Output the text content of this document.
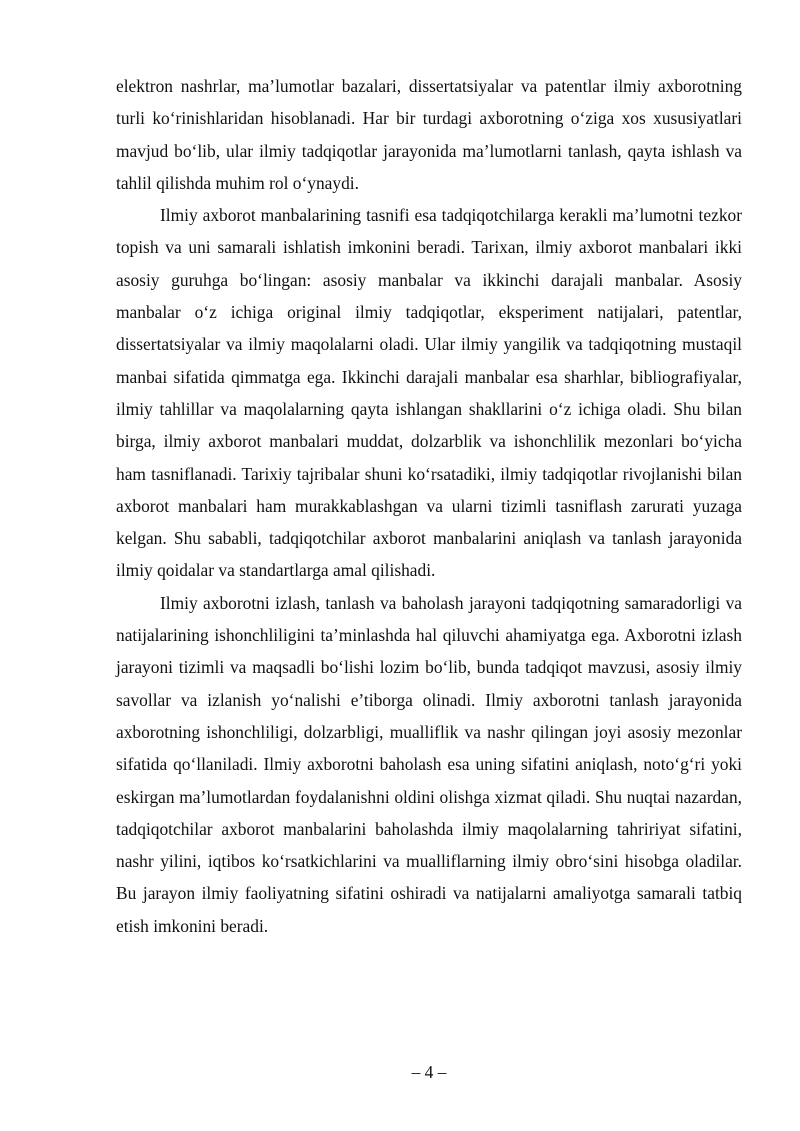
elektron nashrlar, ma’lumotlar bazalari, dissertatsiyalar va patentlar ilmiy axborotning turli koʻrinishlaridan hisoblanadi. Har bir turdagi axborotning oʻziga xos xususiyatlari mavjud boʻlib, ular ilmiy tadqiqotlar jarayonida ma’lumotlarni tanlash, qayta ishlash va tahlil qilishda muhim rol oʻynaydi.

Ilmiy axborot manbalarining tasnifi esa tadqiqotchilarga kerakli ma’lumotni tezkor topish va uni samarali ishlatish imkonini beradi. Tarixan, ilmiy axborot manbalari ikki asosiy guruhga boʻlingan: asosiy manbalar va ikkinchi darajali manbalar. Asosiy manbalar oʻz ichiga original ilmiy tadqiqotlar, eksperiment natijalari, patentlar, dissertatsiyalar va ilmiy maqolalarni oladi. Ular ilmiy yangilik va tadqiqotning mustaqil manbai sifatida qimmatga ega. Ikkinchi darajali manbalar esa sharhlar, bibliografiyalar, ilmiy tahlillar va maqolalarning qayta ishlangan shakllarini oʻz ichiga oladi. Shu bilan birga, ilmiy axborot manbalari muddat, dolzarblik va ishonchlilik mezonlari boʻyicha ham tasniflanadi. Tarixiy tajribalar shuni koʻrsatadiki, ilmiy tadqiqotlar rivojlanishi bilan axborot manbalari ham murakkablashgan va ularni tizimli tasniflash zarurati yuzaga kelgan. Shu sababli, tadqiqotchilar axborot manbalarini aniqlash va tanlash jarayonida ilmiy qoidalar va standartlarga amal qilishadi.

Ilmiy axborotni izlash, tanlash va baholash jarayoni tadqiqotning samaradorligi va natijalarining ishonchliligini ta’minlashda hal qiluvchi ahamiyatga ega. Axborotni izlash jarayoni tizimli va maqsadli boʻlishi lozim boʻlib, bunda tadqiqot mavzusi, asosiy ilmiy savollar va izlanish yoʻnalishi e’tiborga olinadi. Ilmiy axborotni tanlash jarayonida axborotning ishonchliligi, dolzarbligi, mualliflik va nashr qilingan joyi asosiy mezonlar sifatida qoʻllaniladi. Ilmiy axborotni baholash esa uning sifatini aniqlash, notoʻgʻri yoki eskirgan ma’lumotlardan foydalanishni oldini olishga xizmat qiladi. Shu nuqtai nazardan, tadqiqotchilar axborot manbalarini baholashda ilmiy maqolalarning tahririyat sifatini, nashr yilini, iqtibos koʻrsatkichlarini va mualliflarning ilmiy obroʻsini hisobga oladilar. Bu jarayon ilmiy faoliyatning sifatini oshiradi va natijalarni amaliyotga samarali tatbiq etish imkonini beradi.

– 4 –
